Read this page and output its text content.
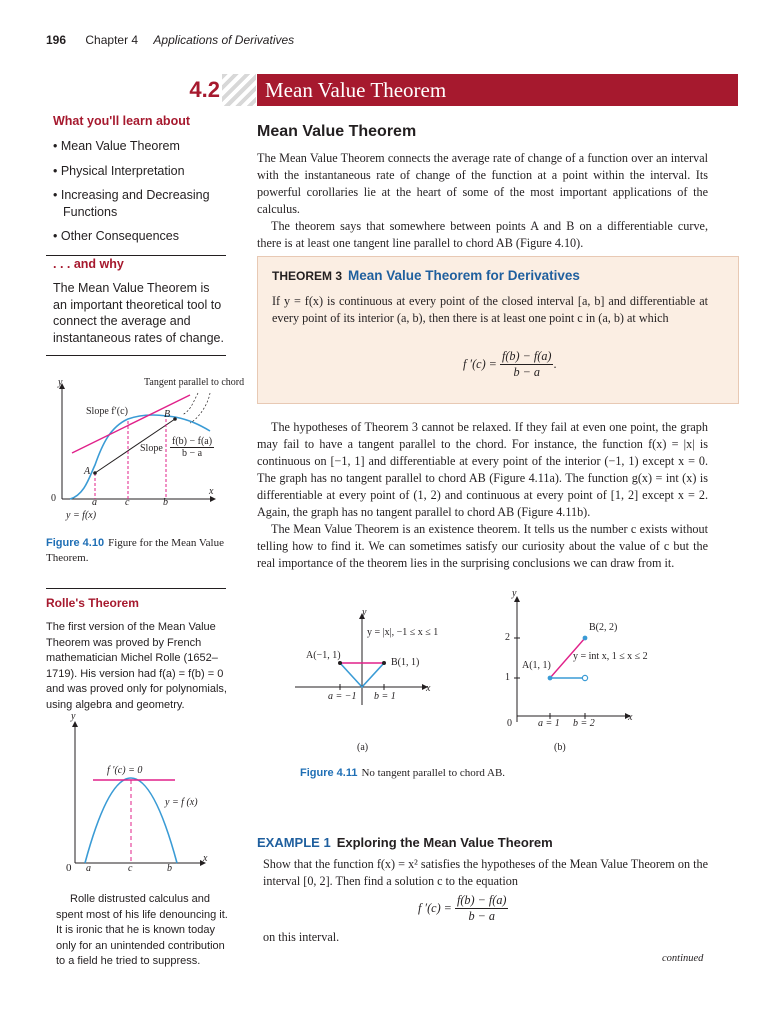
196 Chapter 4 Applications of Derivatives
4.2	Mean Value Theorem
What you'll learn about
• Mean Value Theorem
• Physical Interpretation
• Increasing and Decreasing Functions
• Other Consequences
. . . and why
The Mean Value Theorem is an important theoretical tool to connect the average and instantaneous rates of change.
y	Tangent parallel to chord
Slope f′(c)	B
Slope $\frac{f(b) - f(a)}{b - a}$
A
x
0	a	c	b
y = f(x)
Figure 4.10 Figure for the Mean Value Theorem.
Rolle's Theorem
The first version of the Mean Value Theorem was proved by French mathematician Michel Rolle (1652–1719). His version had f(a) = f(b) = 0 and was proved only for polynomials, using algebra and geometry.
y
f ′(c) = 0
y = f (x)
x
0 a	c	b
Rolle distrusted calculus and spent most of his life denouncing it. It is ironic that he is known today only for an unintended contribution to a field he tried to suppress.
Mean Value Theorem

The Mean Value Theorem connects the average rate of change of a function over an interval with the instantaneous rate of change of the function at a point within the interval. Its powerful corollaries lie at the heart of some of the most important applications of the calculus.

The theorem says that somewhere between points A and B on a differentiable curve, there is at least one tangent line parallel to chord AB (Figure 4.10).

THEOREM 3 Mean Value Theorem for Derivatives
If y = f(x) is continuous at every point of the closed interval [a, b] and differentiable at every point of its interior (a, b), then there is at least one point c in (a, b) at which
f $'(c) = \frac{f(b) - f(a)}{b - a}$ .

The hypotheses of Theorem 3 cannot be relaxed. If they fail at even one point, the graph may fail to have a tangent parallel to the chord. For instance, the function f(x) = |x| is continuous on [−1, 1] and differentiable at every point of the interior (−1, 1) except x = 0. The graph has no tangent parallel to chord AB (Figure 4.11a). The function g(x) = int (x) is differentiable at every point of (1, 2) and continuous at every point of [1, 2] except x = 2. Again, the graph has no tangent parallel to chord AB (Figure 4.11b).

The Mean Value Theorem is an existence theorem. It tells us the number c exists without telling how to find it. We can sometimes satisfy our curiosity about the value of c but the real importance of the theorem lies in the surprising conclusions we can draw from it.

y
y = |x|, −1 ≤ x ≤ 1
A(−1, 1)
B(1, 1)
x
a = −1 b = 1
(a)
y
B(2, 2)
2
y = int x, 1 ≤ x ≤ 2
A(1, 1)
1
x
0	a = 1 b = 2
(b)
Figure 4.11 No tangent parallel to chord AB.
EXAMPLE 1 Exploring the Mean Value Theorem
Show that the function f(x) = x² satisfies the hypotheses of the Mean Value Theorem on the interval [0, 2]. Then find a solution c to the equation
f $'(c) = \frac{f(b) - f(a)}{b - a}$
on this interval.
continued
